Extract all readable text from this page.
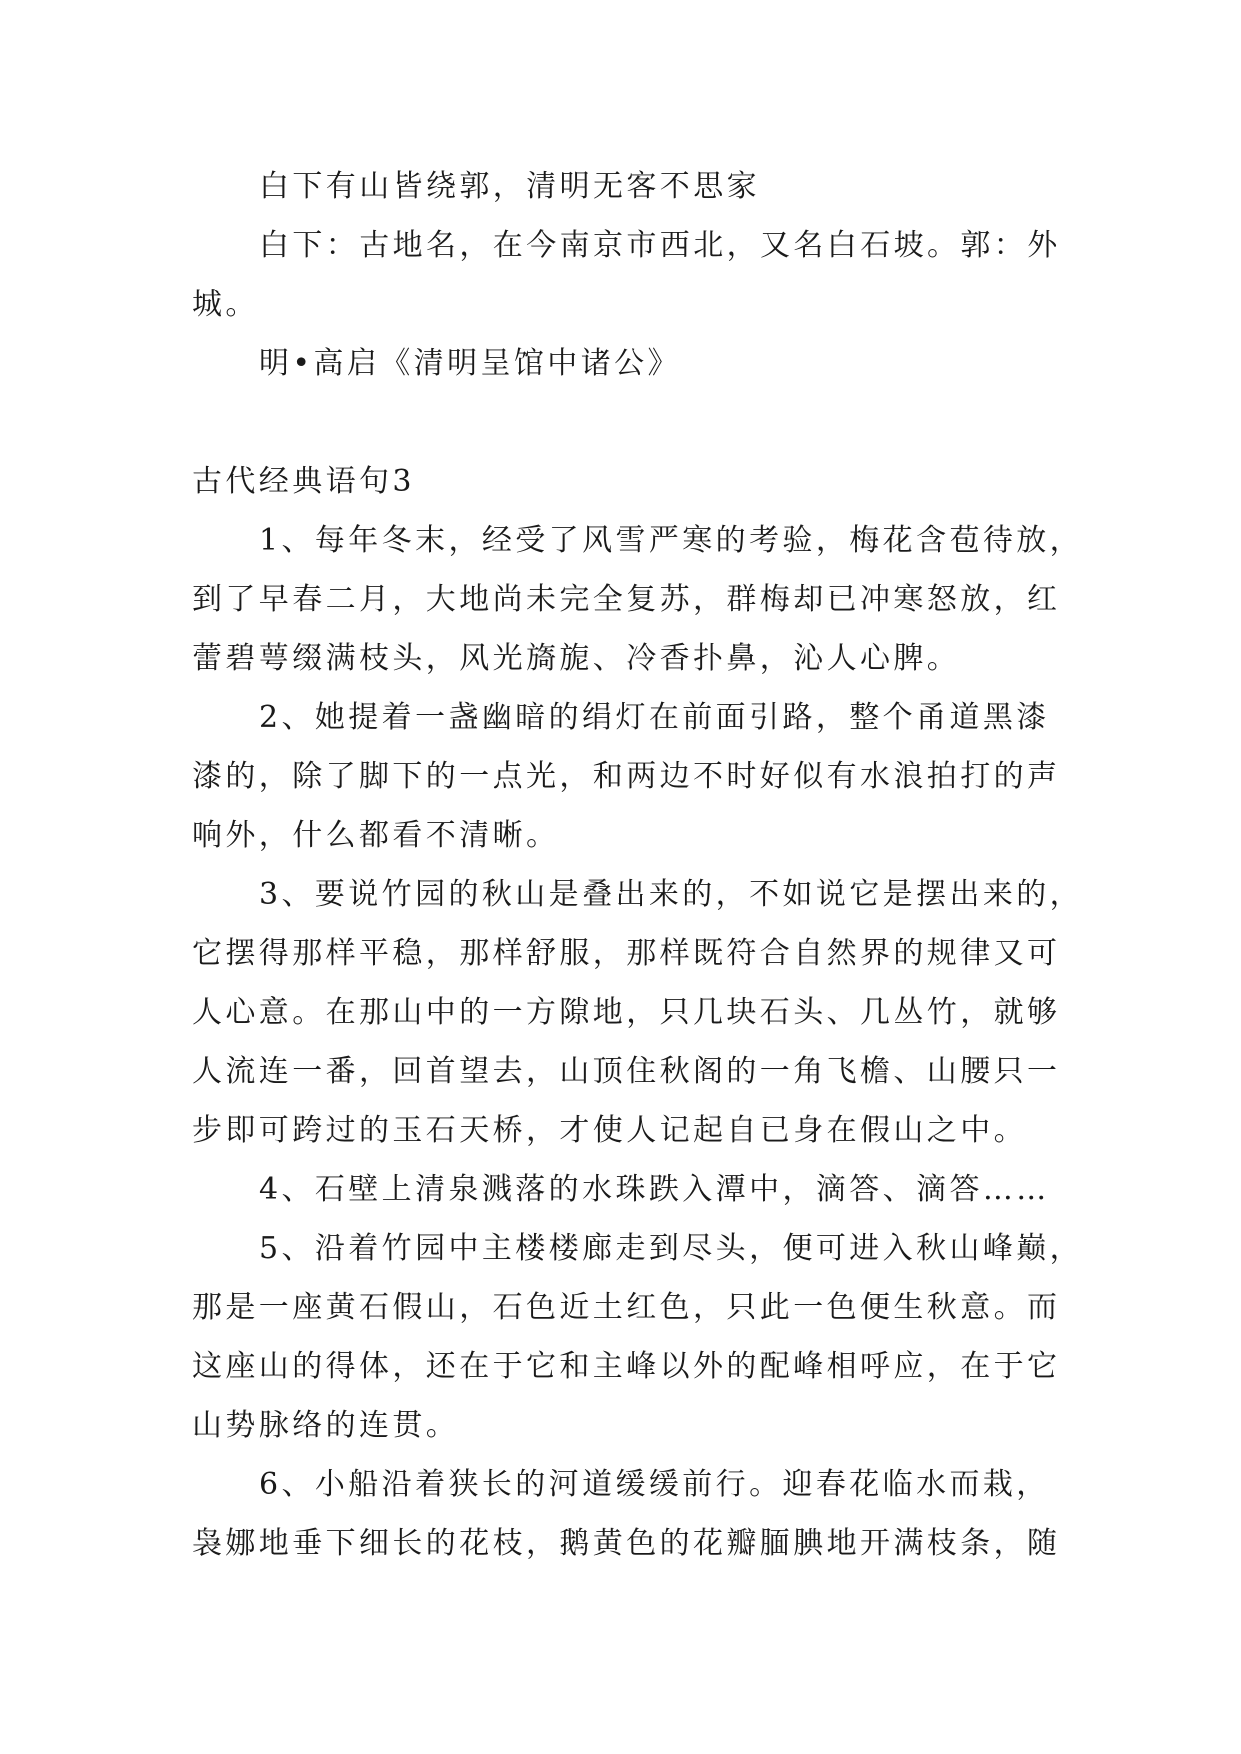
白下有山皆绕郭，清明无客不思家
白下：古地名，在今南京市西北，又名白石坡。郭：外
城。
明•高启《清明呈馆中诸公》
古代经典语句3
1、每年冬末，经受了风雪严寒的考验，梅花含苞待放，
到了早春二月，大地尚未完全复苏，群梅却已冲寒怒放，红
蕾碧萼缀满枝头，风光旖旎、冷香扑鼻，沁人心脾。
2、她提着一盏幽暗的绢灯在前面引路，整个甬道黑漆
漆的，除了脚下的一点光，和两边不时好似有水浪拍打的声
响外，什么都看不清晰。
3、要说竹园的秋山是叠出来的，不如说它是摆出来的，
它摆得那样平稳，那样舒服，那样既符合自然界的规律又可
人心意。在那山中的一方隙地，只几块石头、几丛竹，就够
人流连一番，回首望去，山顶住秋阁的一角飞檐、山腰只一
步即可跨过的玉石天桥，才使人记起自已身在假山之中。
4、石壁上清泉溅落的水珠跌入潭中，滴答、滴答……
5、沿着竹园中主楼楼廊走到尽头，便可进入秋山峰巅，
那是一座黄石假山，石色近土红色，只此一色便生秋意。而
这座山的得体，还在于它和主峰以外的配峰相呼应，在于它
山势脉络的连贯。
6、小船沿着狭长的河道缓缓前行。迎春花临水而栽，
袅娜地垂下细长的花枝，鹅黄色的花瓣腼腆地开满枝条，随
